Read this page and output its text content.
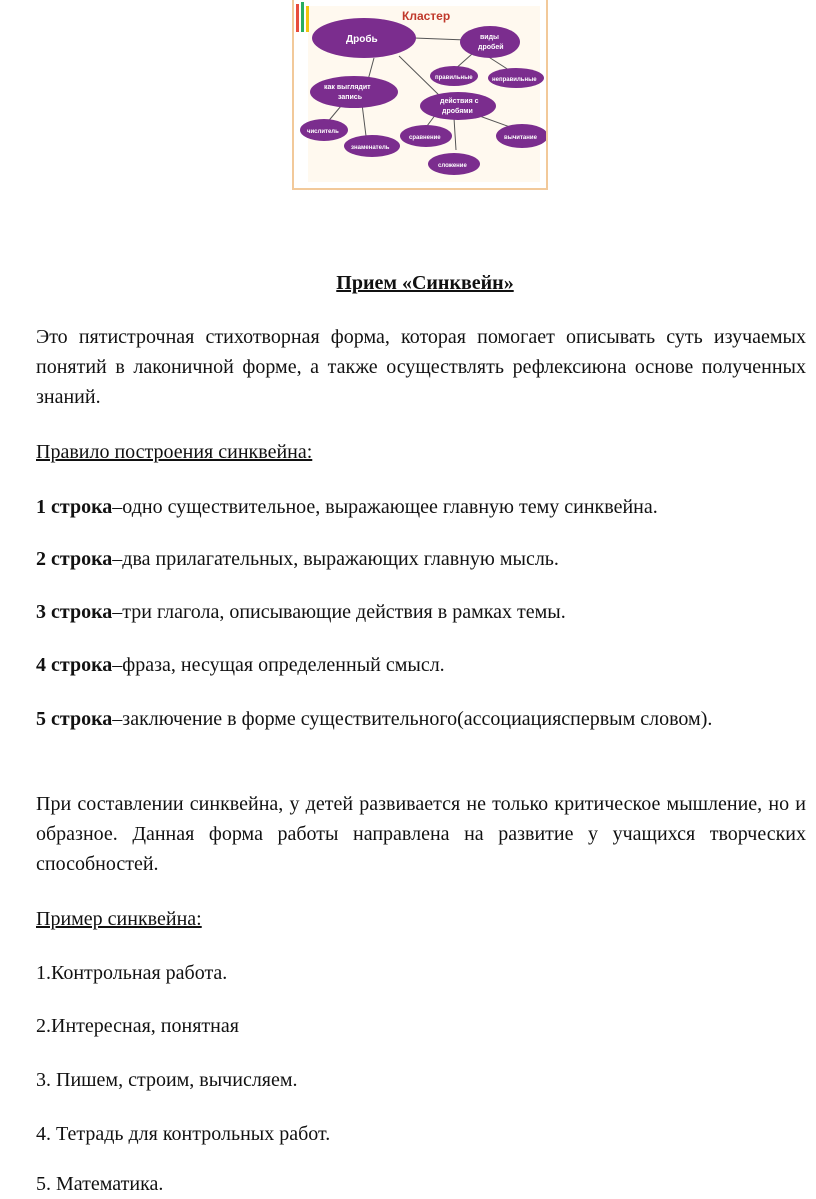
Кластер
Дробь	виды
дробей
правильные	неправильные
как выглядит
запись
действия с
дробями
числитель
знаменатель
сравнение	вычитание
сложение
Прием «Синквейн»

Это пятистрочная стихотворная форма, которая помогает описывать суть изучаемых понятий в лаконичной форме, а также осуществлять рефлексиюна основе полученных знаний.

Правило построения синквейна:

1 строка–одно существительное, выражающее главную тему синквейна.

2 строка–два прилагательных, выражающих главную мысль.

3 строка–три глагола, описывающие действия в рамках темы.

4 строка–фраза, несущая определенный смысл.

5 строка–заключение в форме существительного(ассоциацияспервым словом).

При составлении синквейна, у детей развивается не только критическое мышление, но и образное. Данная форма работы направлена на развитие у учащихся творческих способностей.

Пример синквейна:

1.Контрольная работа.

2.Интересная, понятная

3. Пишем, строим, вычисляем.

4. Тетрадь для контрольных работ.

5. Математика.
